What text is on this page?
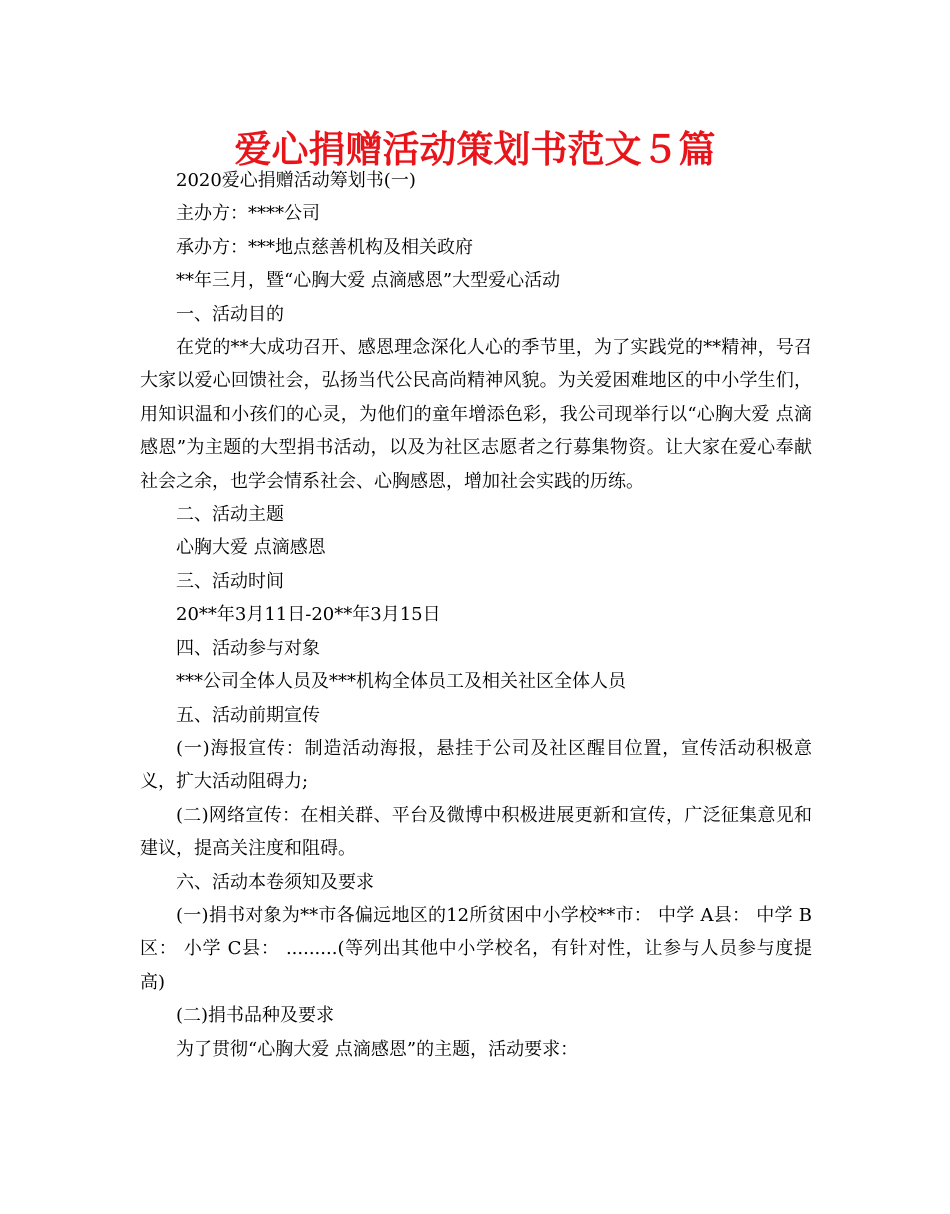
爱心捐赠活动策划书范文５篇

2020爱心捐赠活动筹划书(一)

主办方：****公司

承办方：***地点慈善机构及相关政府

**年三月，暨“心胸大爱 点滴感恩”大型爱心活动

一、活动目的

在党的**大成功召开、感恩理念深化人心的季节里，为了实践党的**精神，号召大家以爱心回馈社会，弘扬当代公民高尚精神风貌。为关爱困难地区的中小学生们，用知识温和小孩们的心灵，为他们的童年增添色彩，我公司现举行以“心胸大爱 点滴感恩”为主题的大型捐书活动，以及为社区志愿者之行募集物资。让大家在爱心奉献社会之余，也学会情系社会、心胸感恩，增加社会实践的历练。

二、活动主题

心胸大爱 点滴感恩

三、活动时间

20**年3月11日-20**年3月15日

四、活动参与对象

***公司全体人员及***机构全体员工及相关社区全体人员

五、活动前期宣传

(一)海报宣传：制造活动海报，悬挂于公司及社区醒目位置，宣传活动积极意义，扩大活动阻碍力;

(二)网络宣传：在相关群、平台及微博中积极进展更新和宣传，广泛征集意见和建议，提高关注度和阻碍。

六、活动本卷须知及要求

(一)捐书对象为**市各偏远地区的12所贫困中小学校**市： 中学 A县： 中学 B 区： 小学 C县： .........(等列出其他中小学校名，有针对性，让参与人员参与度提高)

(二)捐书品种及要求

为了贯彻“心胸大爱 点滴感恩”的主题，活动要求：
